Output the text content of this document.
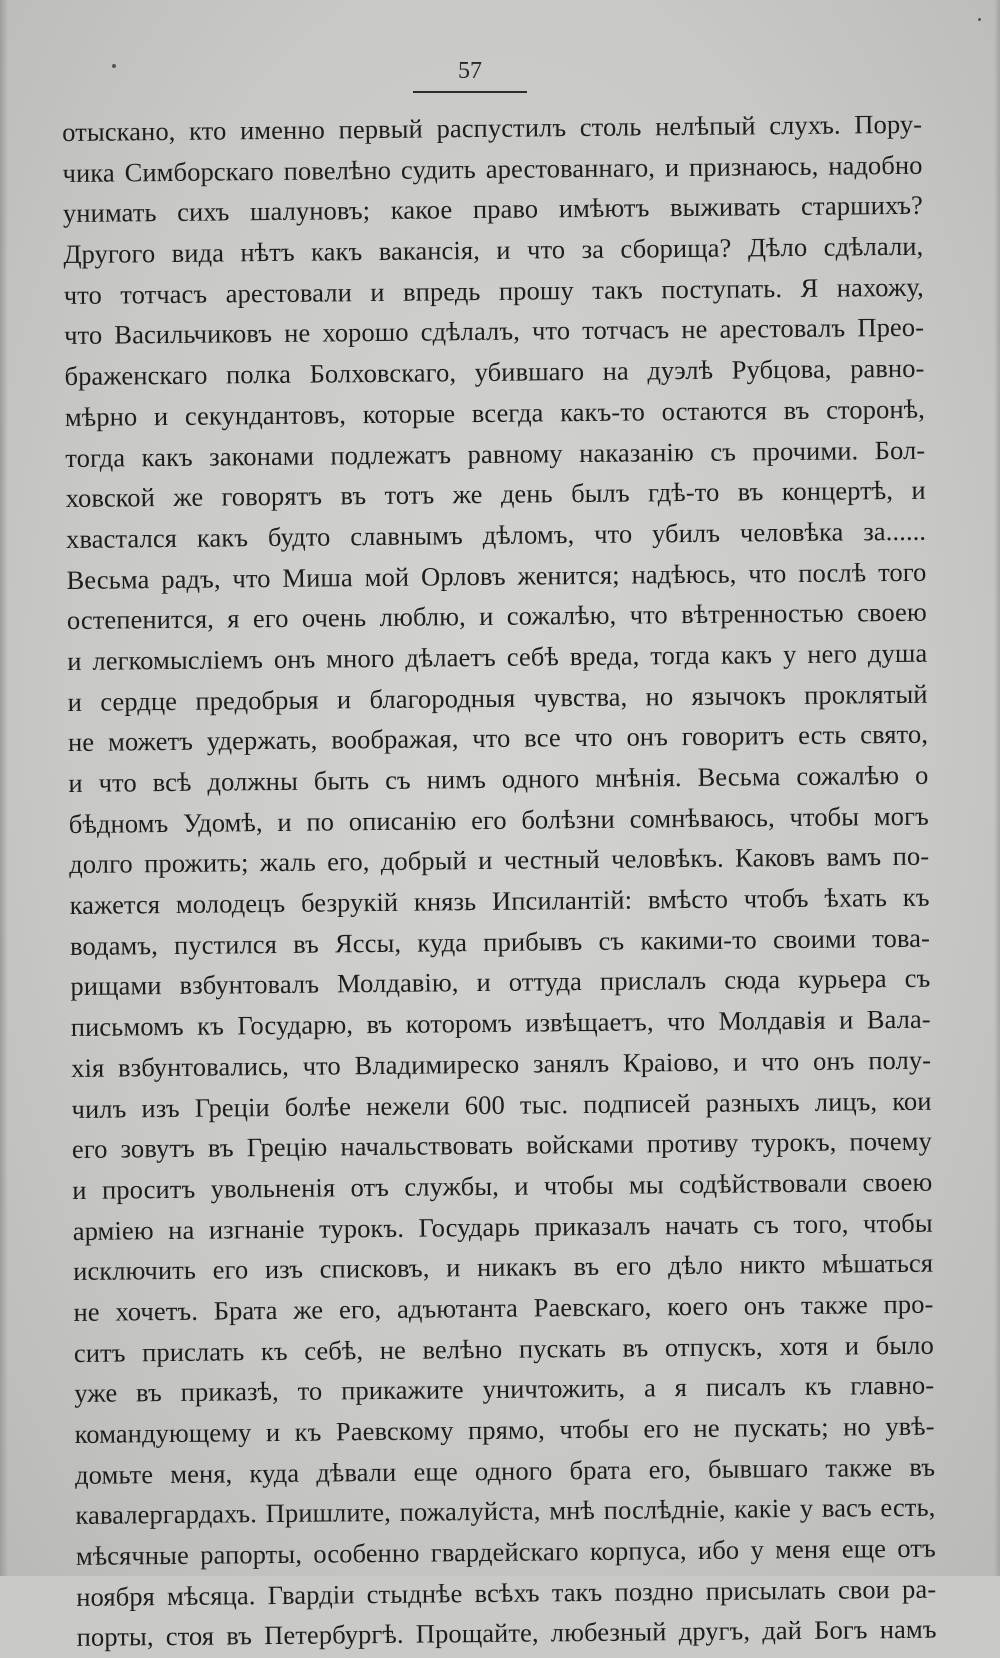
57

отыскано, кто именно первый распустилъ столь нелѣпый слухъ. Пору-
чика Симборскаго повелѣно судить арестованнаго, и признаюсь, надобно
унимать сихъ шалуновъ; какое право имѣютъ выживать старшихъ?
Другого вида нѣтъ какъ вакансія, и что за сборища? Дѣло сдѣлали,
что тотчасъ арестовали и впредь прошу такъ поступать. Я нахожу,
что Васильчиковъ не хорошо сдѣлалъ, что тотчасъ не арестовалъ Прео-
браженскаго полка Болховскаго, убившаго на дуэлѣ Рубцова, равно-
мѣрно и секундантовъ, которые всегда какъ-то остаются въ сторонѣ,
тогда какъ законами подлежатъ равному наказанію съ прочими. Бол-
ховской же говорятъ въ тотъ же день былъ гдѣ-то въ концертѣ, и
хвастался какъ будто славнымъ дѣломъ, что убилъ человѣка за......
Весьма радъ, что Миша мой Орловъ женится; надѣюсь, что послѣ того
остепенится, я его очень люблю, и сожалѣю, что вѣтренностью своею
и легкомысліемъ онъ много дѣлаетъ себѣ вреда, тогда какъ у него душа
и сердце предобрыя и благородныя чувства, но язычокъ проклятый
не можетъ удержать, воображая, что все что онъ говоритъ есть свято,
и что всѣ должны быть съ нимъ одного мнѣнія. Весьма сожалѣю о
бѣдномъ Удомѣ, и по описанію его болѣзни сомнѣваюсь, чтобы могъ
долго прожить; жаль его, добрый и честный человѣкъ. Каковъ вамъ по-
кажется молодецъ безрукій князь Ипсилантій: вмѣсто чтобъ ѣхать къ
водамъ, пустился въ Яссы, куда прибывъ съ какими-то своими това-
рищами взбунтовалъ Молдавію, и оттуда прислалъ сюда курьера съ
письмомъ къ Государю, въ которомъ извѣщаетъ, что Молдавія и Вала-
хія взбунтовались, что Владимиреско занялъ Краіово, и что онъ полу-
чилъ изъ Греціи болѣе нежели 600 тыс. подписей разныхъ лицъ, кои
его зовутъ въ Грецію начальствовать войсками противу турокъ, почему
и проситъ увольненія отъ службы, и чтобы мы содѣйствовали своею
арміею на изгнаніе турокъ. Государь приказалъ начать съ того, чтобы
исключить его изъ списковъ, и никакъ въ его дѣло никто мѣшаться
не хочетъ. Брата же его, адъютанта Раевскаго, коего онъ также про-
ситъ прислать къ себѣ, не велѣно пускать въ отпускъ, хотя и было
уже въ приказѣ, то прикажите уничтожить, а я писалъ къ главно-
командующему и къ Раевскому прямо, чтобы его не пускать; но увѣ-
домьте меня, куда дѣвали еще одного брата его, бывшаго также въ
кавалергардахъ. Пришлите, пожалуйста, мнѣ послѣдніе, какіе у васъ есть,
мѣсячные рапорты, особенно гвардейскаго корпуса, ибо у меня еще отъ
ноября мѣсяца. Гвардіи стыднѣе всѣхъ такъ поздно присылать свои ра-
порты, стоя въ Петербургѣ. Прощайте, любезный другъ, дай Богъ намъ
